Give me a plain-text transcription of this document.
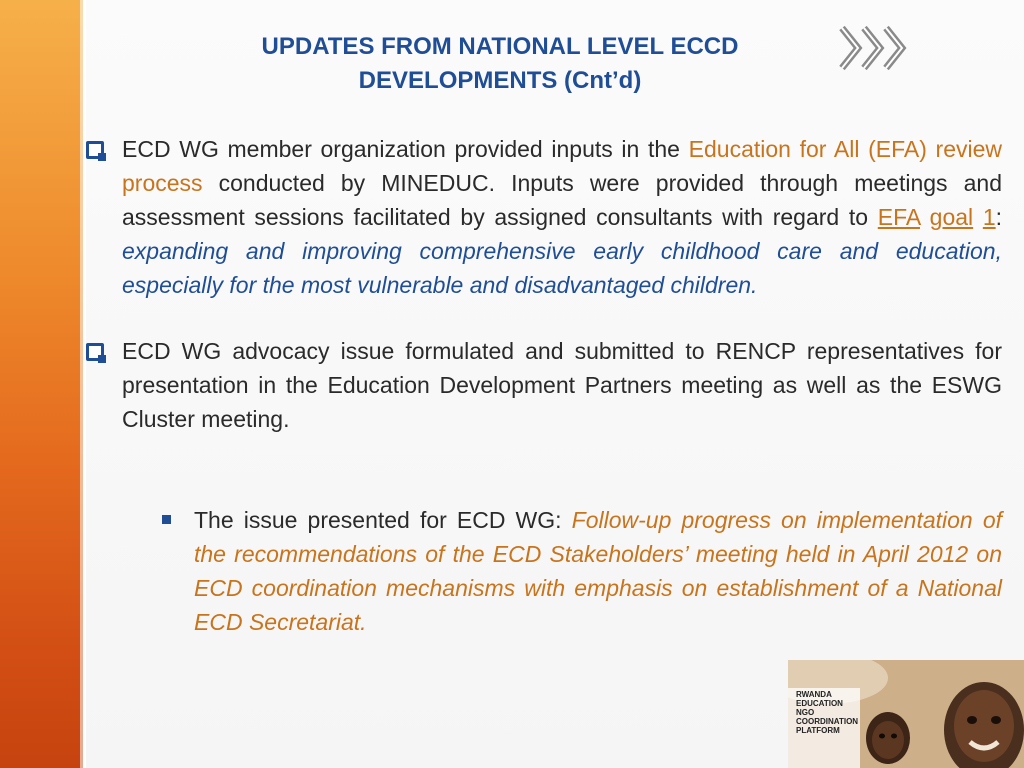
UPDATES FROM NATIONAL LEVEL ECCD
DEVELOPMENTS (Cnt’d)

ECD WG member organization provided inputs in the Education for All (EFA) review process conducted by MINEDUC. Inputs were provided through meetings and assessment sessions facilitated by assigned consultants with regard to EFA goal 1: expanding and improving comprehensive early childhood care and education, especially for the most vulnerable and disadvantaged children.

ECD WG advocacy issue formulated and submitted to RENCP representatives for presentation in the Education Development Partners meeting as well as the ESWG Cluster meeting.

The issue presented for ECD WG: Follow-up progress on implementation of the recommendations of the ECD Stakeholders’ meeting held in April 2012 on ECD coordination mechanisms with emphasis on establishment of a National ECD Secretariat.

RWANDA
EDUCATION
NGO
COORDINATION
PLATFORM
